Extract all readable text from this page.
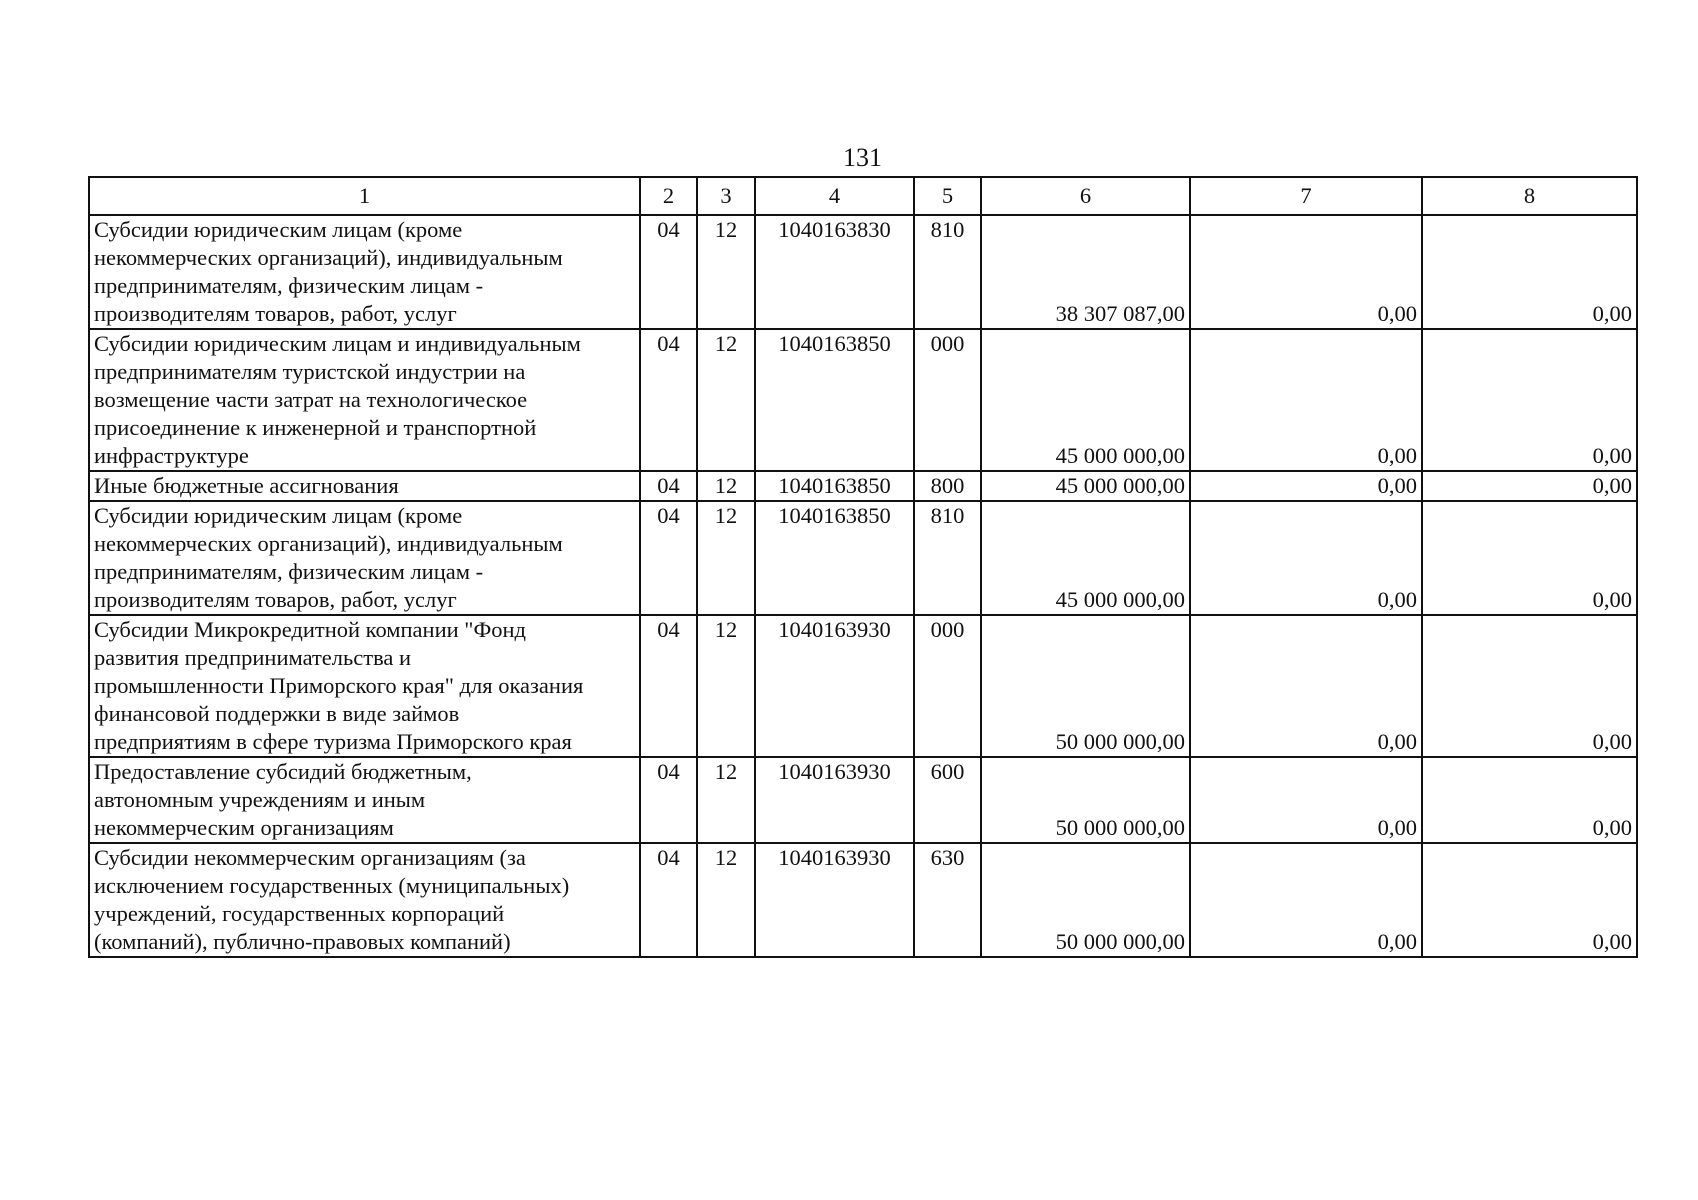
131
1	2	3	4	5	6	7	8

Субсидии юридическим лицам (кроме
некоммерческих организаций), индивидуальным
предпринимателям, физическим лицам -
производителям товаров, работ, услуг	04	12	1040163830	810	38 307 087,00	0,00	0,00

Субсидии юридическим лицам и индивидуальным
предпринимателям туристской индустрии на
возмещение части затрат на технологическое
присоединение к инженерной и транспортной
инфраструктуре	04	12	1040163850	000	45 000 000,00	0,00	0,00

Иные бюджетные ассигнования	04	12	1040163850	800	45 000 000,00	0,00	0,00

Субсидии юридическим лицам (кроме
некоммерческих организаций), индивидуальным
предпринимателям, физическим лицам -
производителям товаров, работ, услуг	04	12	1040163850	810	45 000 000,00	0,00	0,00

Субсидии Микрокредитной компании "Фонд
развития предпринимательства и
промышленности Приморского края" для оказания
финансовой поддержки в виде займов
предприятиям в сфере туризма Приморского края	04	12	1040163930	000	50 000 000,00	0,00	0,00

Предоставление субсидий бюджетным,
автономным учреждениям и иным
некоммерческим организациям	04	12	1040163930	600	50 000 000,00	0,00	0,00

Субсидии некоммерческим организациям (за
исключением государственных (муниципальных)
учреждений, государственных корпораций
(компаний), публично-правовых компаний)	04	12	1040163930	630	50 000 000,00	0,00	0,00
